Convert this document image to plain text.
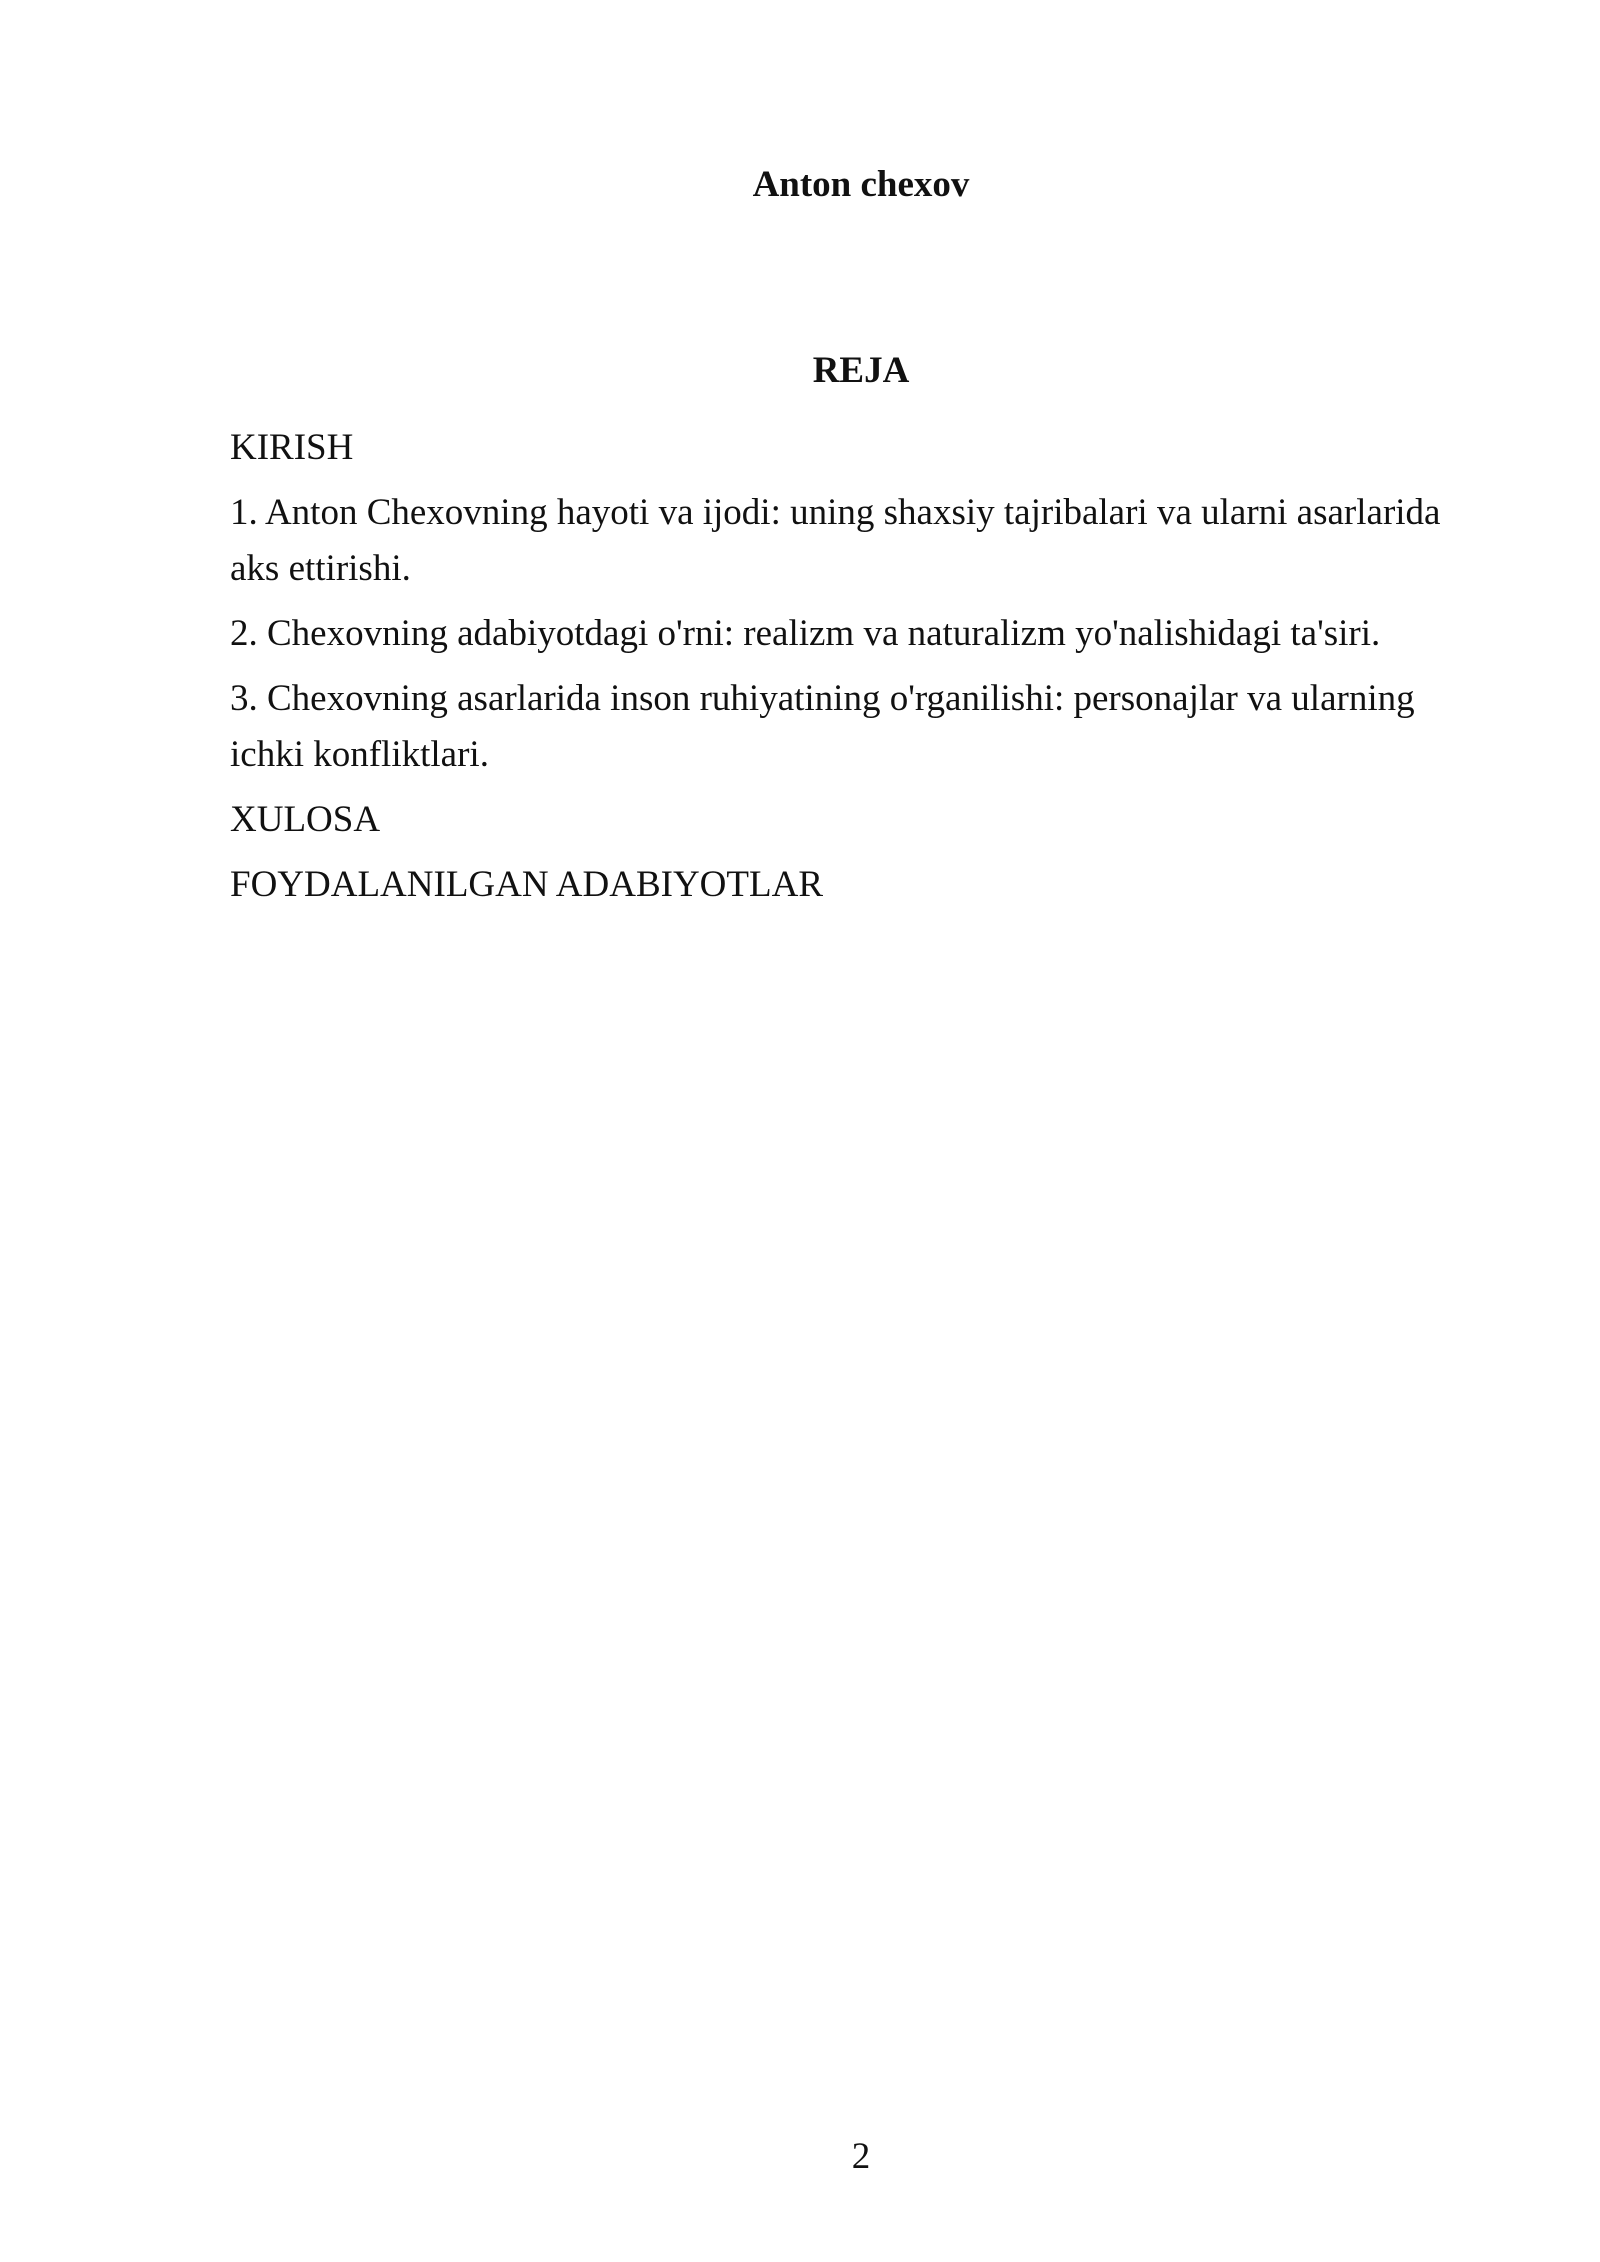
Anton chexov
REJA

KIRISH

1. Anton Chexovning hayoti va ijodi: uning shaxsiy tajribalari va ularni asarlarida aks ettirishi.

2. Chexovning adabiyotdagi o'rni: realizm va naturalizm yo'nalishidagi ta'siri.

3. Chexovning asarlarida inson ruhiyatining o'rganilishi: personajlar va ularning ichki konfliktlari.

XULOSA

FOYDALANILGAN ADABIYOTLAR

2
